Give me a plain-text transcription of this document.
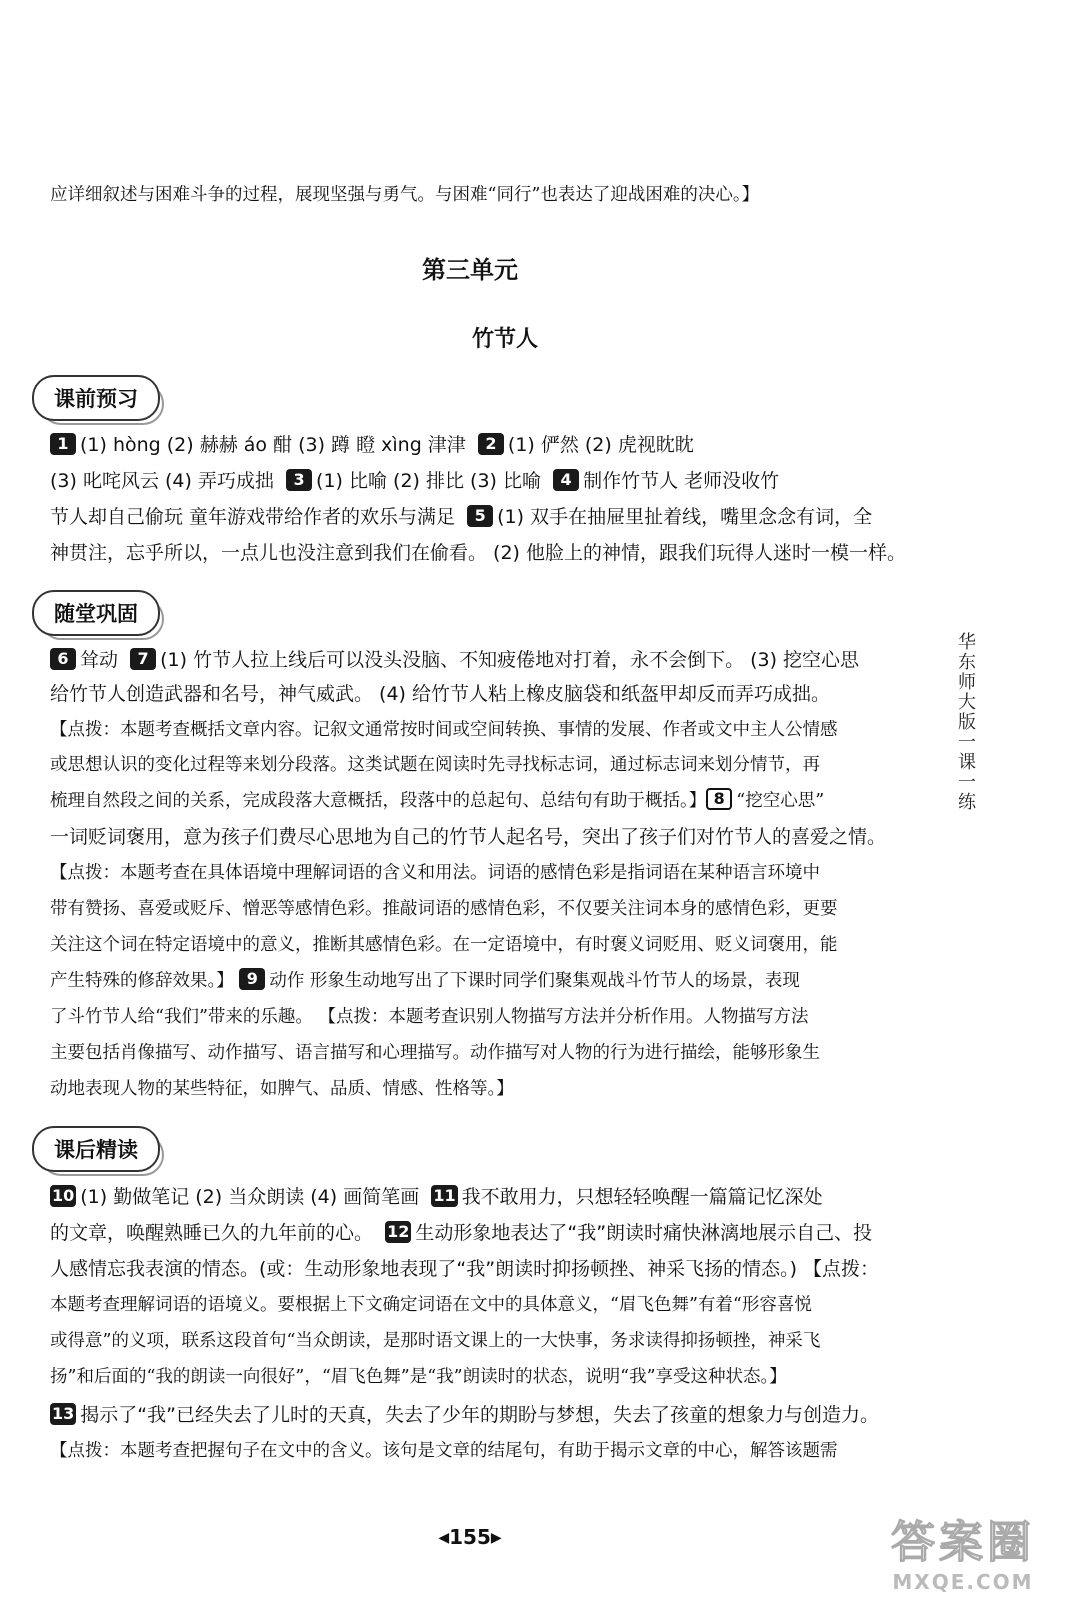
应详细叙述与困难斗争的过程，展现坚强与勇气。与困难“同行”也表达了迎战困难的决心。】
第三单元
竹节人
课前预习
1 (1) hòng (2) 赫赫 áo 酣 (3) 蹲 瞪 xìng 津津 2 (1) 俨然 (2) 虎视眈眈
(3) 叱咤风云 (4) 弄巧成拙 3 (1) 比喻 (2) 排比 (3) 比喻 4 制作竹节人 老师没收竹
节人却自己偷玩 童年游戏带给作者的欢乐与满足 5 (1) 双手在抽屉里扯着线，嘴里念念有词，全
神贯注，忘乎所以，一点儿也没注意到我们在偷看。 (2) 他脸上的神情，跟我们玩得人迷时一模一样。
随堂巩固
6 耸动 7 (1) 竹节人拉上线后可以没头没脑、不知疲倦地对打着，永不会倒下。 (3) 挖空心思
给竹节人创造武器和名号，神气威武。 (4) 给竹节人粘上橡皮脑袋和纸盔甲却反而弄巧成拙。
【点拨：本题考查概括文章内容。记叙文通常按时间或空间转换、事情的发展、作者或文中主人公情感
或思想认识的变化过程等来划分段落。这类试题在阅读时先寻找标志词，通过标志词来划分情节，再
梳理自然段之间的关系，完成段落大意概括，段落中的总起句、总结句有助于概括。】 8 “挖空心思”
一词贬词褒用，意为孩子们费尽心思地为自己的竹节人起名号，突出了孩子们对竹节人的喜爱之情。
【点拨：本题考查在具体语境中理解词语的含义和用法。词语的感情色彩是指词语在某种语言环境中
带有赞扬、喜爱或贬斥、憎恶等感情色彩。推敲词语的感情色彩，不仅要关注词本身的感情色彩，更要
关注这个词在特定语境中的意义，推断其感情色彩。在一定语境中，有时褒义词贬用、贬义词褒用，能
产生特殊的修辞效果。】 9 动作 形象生动地写出了下课时同学们聚集观战斗竹节人的场景，表现
了斗竹节人给“我们”带来的乐趣。 【点拨：本题考查识别人物描写方法并分析作用。人物描写方法
主要包括肖像描写、动作描写、语言描写和心理描写。动作描写对人物的行为进行描绘，能够形象生
动地表现人物的某些特征，如脾气、品质、情感、性格等。】
课后精读
10 (1) 勤做笔记 (2) 当众朗读 (4) 画简笔画 11 我不敢用力，只想轻轻唤醒一篇篇记忆深处
的文章，唤醒熟睡已久的九年前的心。 12 生动形象地表达了“我”朗读时痛快淋漓地展示自己、投
人感情忘我表演的情态。(或：生动形象地表现了“我”朗读时抑扬顿挫、神采飞扬的情态。) 【点拨：
本题考查理解词语的语境义。要根据上下文确定词语在文中的具体意义，“眉飞色舞”有着“形容喜悦
或得意”的义项，联系这段首句“当众朗读，是那时语文课上的一大快事，务求读得抑扬顿挫，神采飞
扬”和后面的“我的朗读一向很好”，“眉飞色舞”是“我”朗读时的状态，说明“我”享受这种状态。】
13 揭示了“我”已经失去了儿时的天真，失去了少年的期盼与梦想，失去了孩童的想象力与创造力。
【点拨：本题考查把握句子在文中的含义。该句是文章的结尾句，有助于揭示文章的中心，解答该题需
华东师大版一课一练
◀155▶	答案圈
MXQE.COM
